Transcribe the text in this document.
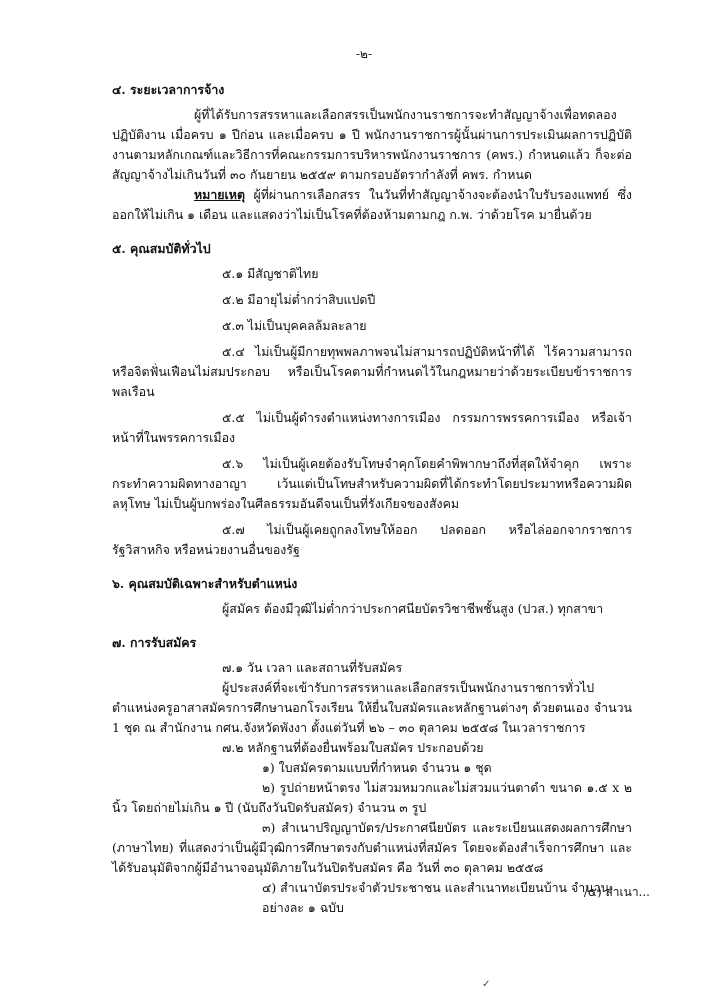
-๒-

๔. ระยะเวลาการจ้าง

ผู้ที่ได้รับการสรรหาและเลือกสรรเป็นพนักงานราชการจะทำสัญญาจ้างเพื่อทดลองปฏิบัติงาน เมื่อครบ ๑ ปีก่อน และเมื่อครบ ๑ ปี พนักงานราชการผู้นั้นผ่านการประเมินผลการปฏิบัติงานตามหลักเกณฑ์และวิธีการที่คณะกรรมการบริหารพนักงานราชการ (คพร.) กำหนดแล้ว ก็จะต่อสัญญาจ้างไม่เกินวันที่ ๓๐ กันยายน ๒๕๕๙ ตามกรอบอัตรากำลังที่ คพร. กำหนด

หมายเหตุ ผู้ที่ผ่านการเลือกสรร ในวันที่ทำสัญญาจ้างจะต้องนำใบรับรองแพทย์ ซึ่งออกให้ไม่เกิน ๑ เดือน และแสดงว่าไม่เป็นโรคที่ต้องห้ามตามกฎ ก.พ. ว่าด้วยโรค มายื่นด้วย

๕. คุณสมบัติทั่วไป

๕.๑ มีสัญชาติไทย

๕.๒ มีอายุไม่ต่ำกว่าสิบแปดปี

๕.๓ ไม่เป็นบุคคลล้มละลาย

๕.๔ ไม่เป็นผู้มีกายทุพพลภาพจนไม่สามารถปฏิบัติหน้าที่ได้ ไร้ความสามารถหรือจิตฟั่นเฟือนไม่สมประกอบ หรือเป็นโรคตามที่กำหนดไว้ในกฎหมายว่าด้วยระเบียบข้าราชการพลเรือน

๕.๕ ไม่เป็นผู้ดำรงตำแหน่งทางการเมือง กรรมการพรรคการเมือง หรือเจ้าหน้าที่ในพรรคการเมือง

๕.๖ ไม่เป็นผู้เคยต้องรับโทษจำคุกโดยคำพิพากษาถึงที่สุดให้จำคุก เพราะกระทำความผิดทางอาญา เว้นแต่เป็นโทษสำหรับความผิดที่ได้กระทำโดยประมาทหรือความผิดลหุโทษ ไม่เป็นผู้บกพร่องในศีลธรรมอันดีจนเป็นที่รังเกียจของสังคม

๕.๗ ไม่เป็นผู้เคยถูกลงโทษให้ออก ปลดออก หรือไล่ออกจากราชการ รัฐวิสาหกิจ หรือหน่วยงานอื่นของรัฐ

๖. คุณสมบัติเฉพาะสำหรับตำแหน่ง

ผู้สมัคร ต้องมีวุฒิไม่ต่ำกว่าประกาศนียบัตรวิชาชีพชั้นสูง (ปวส.) ทุกสาขา

๗. การรับสมัคร

๗.๑ วัน เวลา และสถานที่รับสมัคร

ผู้ประสงค์ที่จะเข้ารับการสรรหาและเลือกสรรเป็นพนักงานราชการทั่วไป ตำแหน่งครูอาสาสมัครการศึกษานอกโรงเรียน ให้ยื่นใบสมัครและหลักฐานต่างๆ ด้วยตนเอง จำนวน 1 ชุด ณ สำนักงาน กศน.จังหวัดพังงา ตั้งแต่วันที่ ๒๖ – ๓๐ ตุลาคม ๒๕๕๘ ในเวลาราชการ

๗.๒ หลักฐานที่ต้องยื่นพร้อมใบสมัคร ประกอบด้วย

๑) ใบสมัครตามแบบที่กำหนด จำนวน ๑ ชุด

๒) รูปถ่ายหน้าตรง ไม่สวมหมวกและไม่สวมแว่นตาดำ ขนาด ๑.๕ x ๒ นิ้ว โดยถ่ายไม่เกิน ๑ ปี (นับถึงวันปิดรับสมัคร) จำนวน ๓ รูป

๓) สำเนาปริญญาบัตร/ประกาศนียบัตร และระเบียนแสดงผลการศึกษา (ภาษาไทย) ที่แสดงว่าเป็นผู้มีวุฒิการศึกษาตรงกับตำแหน่งที่สมัคร โดยจะต้องสำเร็จการศึกษา และได้รับอนุมัติจากผู้มีอำนาจอนุมัติภายในวันปิดรับสมัคร คือ วันที่ ๓๐ ตุลาคม ๒๕๕๘

๔) สำเนาบัตรประจำตัวประชาชน และสำเนาทะเบียนบ้าน จำนวนอย่างละ ๑ ฉบับ

/๕) สำเนา...
✓
